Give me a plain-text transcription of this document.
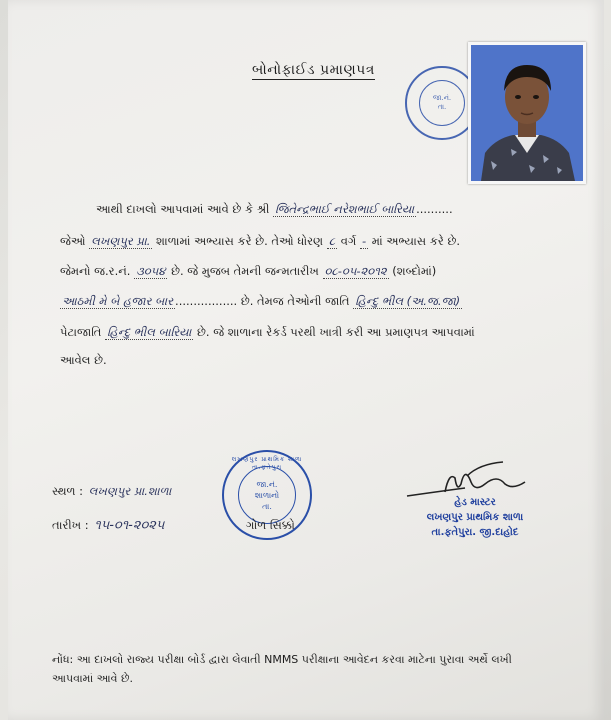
બોનોફાઈડ પ્રમાણપત્ર
જા.નં.
તા.
આથી દાખલો આપવામાં આવે છે કે શ્રી જિતેન્દ્રભાઈ નરેશભાઈ બારિયા ..........
જેઓ લખણપુર પ્રા. શાળામાં અભ્યાસ કરે છે. તેઓ ધોરણ ૮ વર્ગ - માં અભ્યાસ કરે છે.
જેમનો જ.ર.નં. ૩૦૫૪ છે. જે મુજબ તેમની જન્મતારીખ ૦૮-૦૫-૨૦૧૨ (શબ્દોમાં)
આઠમી મે બે હજાર બાર ................. છે. તેમજ તેઓની જાતિ હિન્દુ ભીલ (અ.જ.જા)
પેટાજાતિ હિન્દુ ભીલ બારિયા છે. જે શાળાના રેકર્ડ પરથી ખાત્રી કરી આ પ્રમાણપત્ર આપવામાં
આવેલ છે.
સ્થળ : લખણપુર પ્રા.શાળા
તારીખ : ૧૫-૦૧-૨૦૨૫
જા.નં.
શાળાનો
તા.
લખણપુર પ્રાથમિક શાળા તા.ફતેપુરા
ગોળ સિક્કો
હેડ માસ્ટર
લખણપુર પ્રાથમિક શાળા
તા.ફતેપુરા. જી.દાહોદ
નોંધ: આ દાખલો રાજ્ય પરીક્ષા બોર્ડ દ્વારા લેવાતી NMMS પરીક્ષાના આવેદન કરવા માટેના પુરાવા અર્થે લખી
આપવામાં આવે છે.
